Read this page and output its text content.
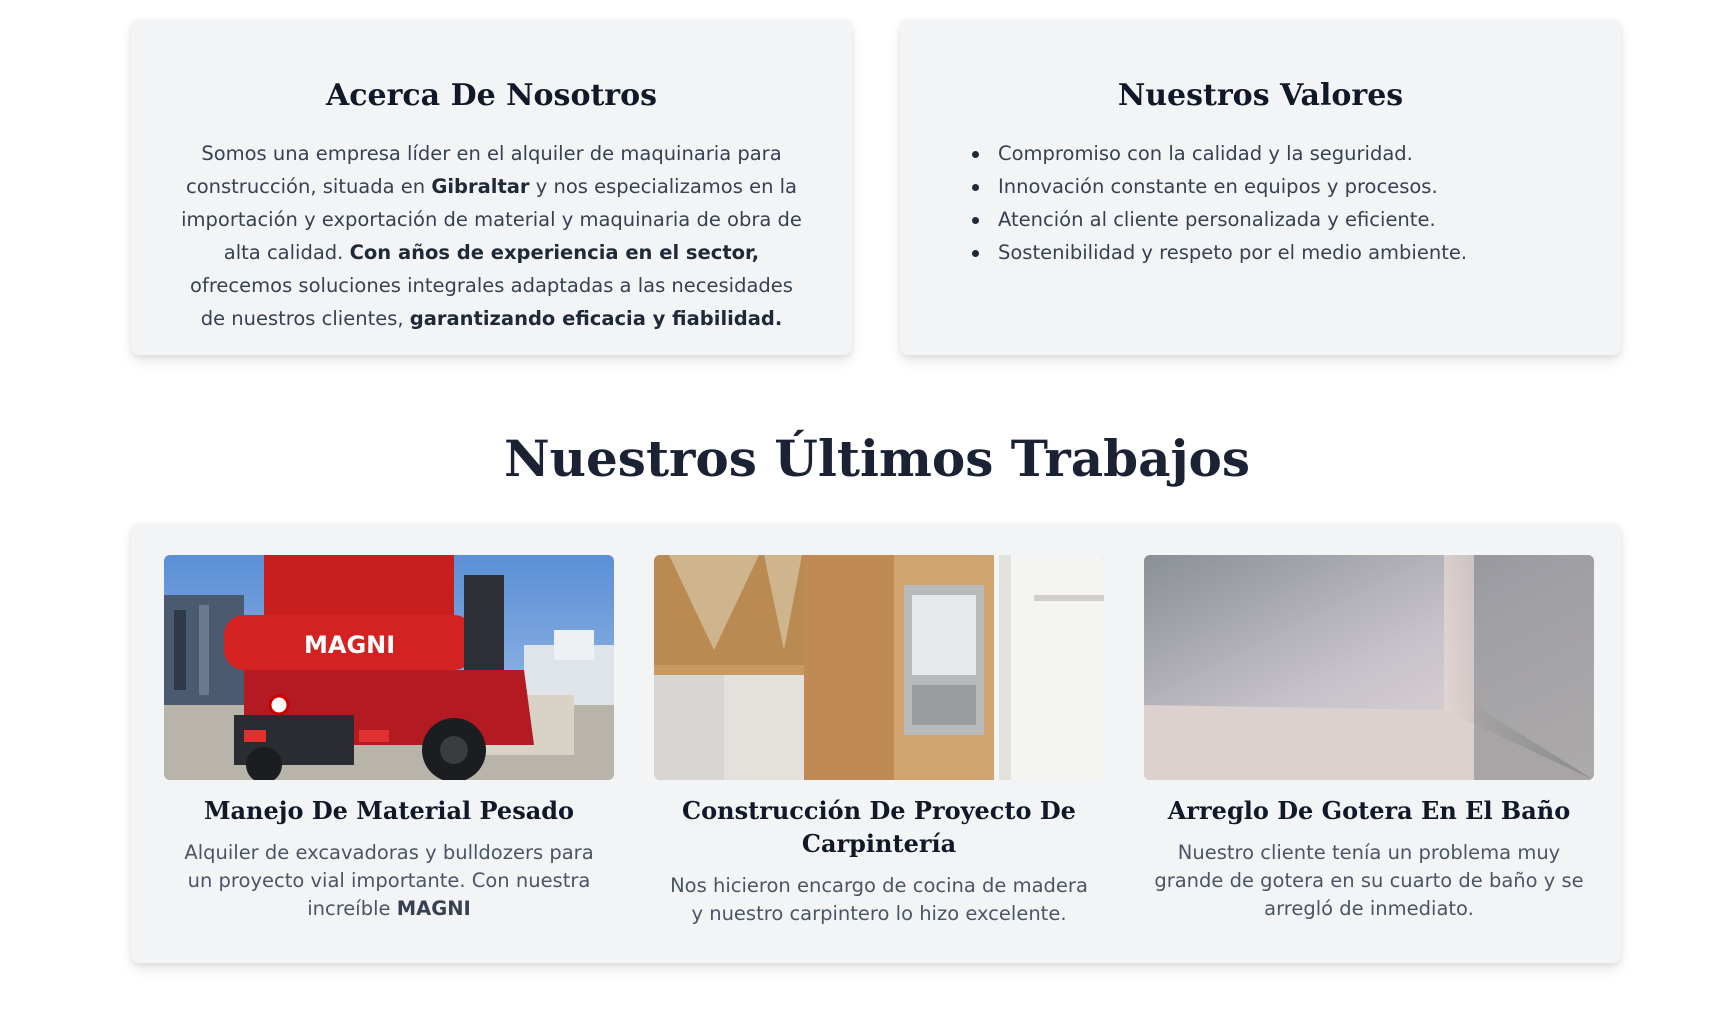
Acerca De Nosotros

Somos una empresa líder en el alquiler de maquinaria para construcción, situada en Gibraltar y nos especializamos en la importación y exportación de material y maquinaria de obra de alta calidad. Con años de experiencia en el sector, ofrecemos soluciones integrales adaptadas a las necesidades de nuestros clientes, garantizando eficacia y fiabilidad.

Nuestros Valores
Compromiso con la calidad y la seguridad.
Innovación constante en equipos y procesos.
Atención al cliente personalizada y eficiente.
Sostenibilidad y respeto por el medio ambiente.
Nuestros Últimos Trabajos
MAGNI
Manejo De Material Pesado

Alquiler de excavadoras y bulldozers para un proyecto vial importante. Con nuestra increíble MAGNI

Construcción De Proyecto De Carpintería

Nos hicieron encargo de cocina de madera y nuestro carpintero lo hizo excelente.

Arreglo De Gotera En El Baño

Nuestro cliente tenía un problema muy grande de gotera en su cuarto de baño y se arregló de inmediato.
